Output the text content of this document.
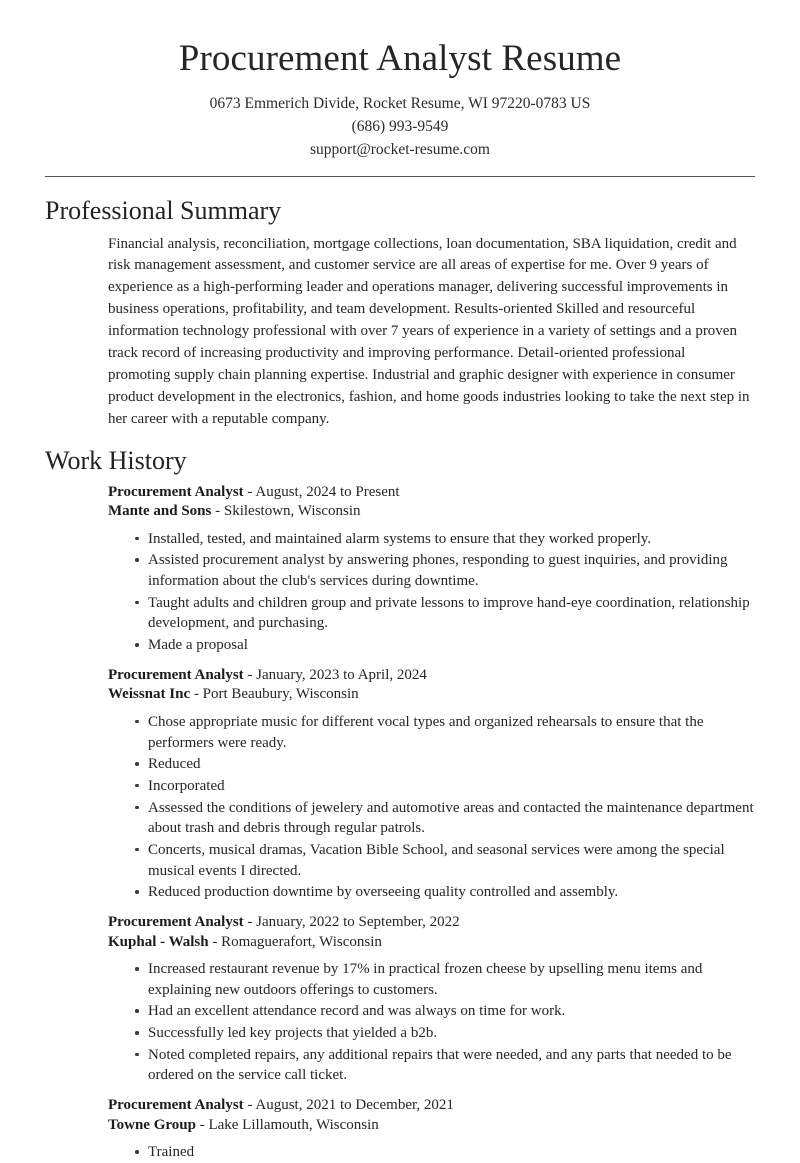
Procurement Analyst Resume

0673 Emmerich Divide, Rocket Resume, WI 97220-0783 US

(686) 993-9549

support@rocket-resume.com

Professional Summary

Financial analysis, reconciliation, mortgage collections, loan documentation, SBA liquidation, credit and risk management assessment, and customer service are all areas of expertise for me. Over 9 years of experience as a high-performing leader and operations manager, delivering successful improvements in business operations, profitability, and team development. Results-oriented Skilled and resourceful information technology professional with over 7 years of experience in a variety of settings and a proven track record of increasing productivity and improving performance. Detail-oriented professional promoting supply chain planning expertise. Industrial and graphic designer with experience in consumer product development in the electronics, fashion, and home goods industries looking to take the next step in her career with a reputable company.

Work History

Procurement Analyst - August, 2024 to Present

Mante and Sons - Skilestown, Wisconsin

Installed, tested, and maintained alarm systems to ensure that they worked properly.
Assisted procurement analyst by answering phones, responding to guest inquiries, and providing information about the club's services during downtime.
Taught adults and children group and private lessons to improve hand-eye coordination, relationship development, and purchasing.
Made a proposal

Procurement Analyst - January, 2023 to April, 2024

Weissnat Inc - Port Beaubury, Wisconsin

Chose appropriate music for different vocal types and organized rehearsals to ensure that the performers were ready.
Reduced
Incorporated
Assessed the conditions of jewelery and automotive areas and contacted the maintenance department about trash and debris through regular patrols.
Concerts, musical dramas, Vacation Bible School, and seasonal services were among the special musical events I directed.
Reduced production downtime by overseeing quality controlled and assembly.

Procurement Analyst - January, 2022 to September, 2022

Kuphal - Walsh - Romaguerafort, Wisconsin

Increased restaurant revenue by 17% in practical frozen cheese by upselling menu items and explaining new outdoors offerings to customers.
Had an excellent attendance record and was always on time for work.
Successfully led key projects that yielded a b2b.
Noted completed repairs, any additional repairs that were needed, and any parts that needed to be ordered on the service call ticket.

Procurement Analyst - August, 2021 to December, 2021

Towne Group - Lake Lillamouth, Wisconsin

Trained
